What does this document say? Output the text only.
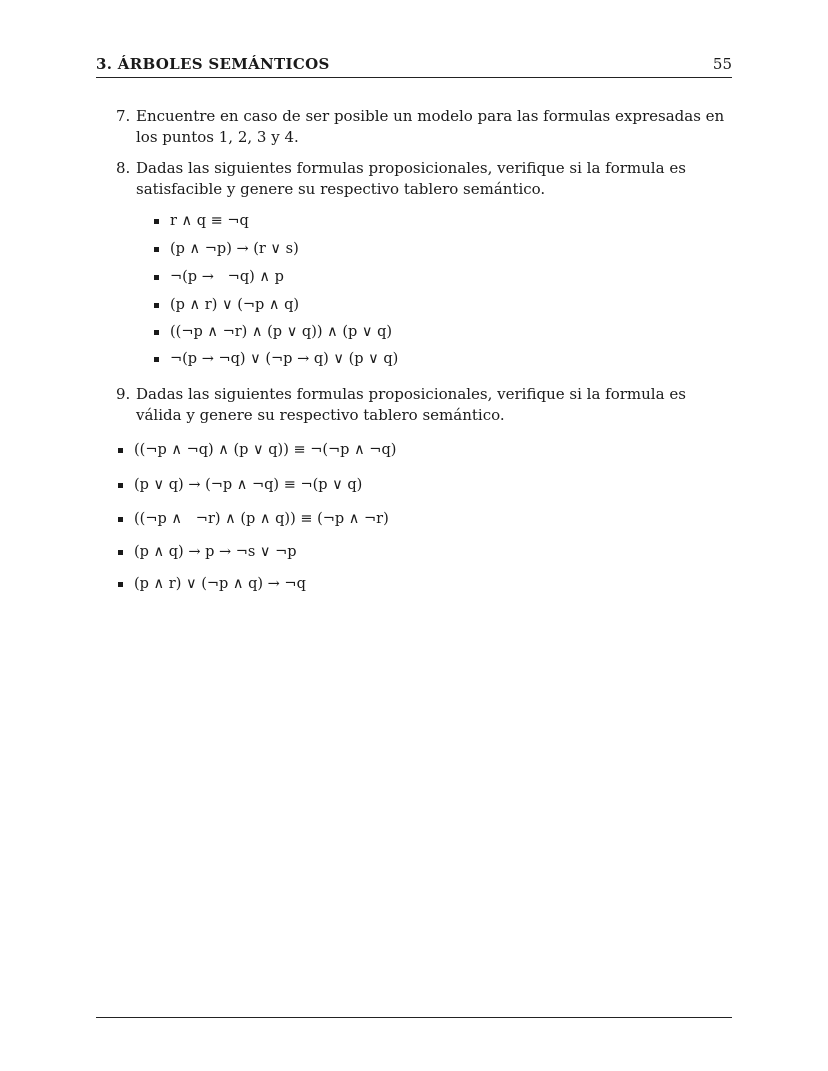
3. ÁRBOLES SEMÁNTICOS	55
7. Encuentre en caso de ser posible un modelo para las formulas expresadas en los puntos 1, 2, 3 y 4.
8. Dadas las siguientes formulas proposicionales, verifique si la formula es satisfacible y genere su respectivo tablero semántico.
r ∧ q ≡ ¬q
(p ∧ ¬p) → (r ∨ s)
¬(p →   ¬q) ∧ p
(p ∧ r) ∨ (¬p ∧ q)
((¬p ∧ ¬r) ∧ (p ∨ q)) ∧ (p ∨ q)
¬(p → ¬q) ∨ (¬p → q) ∨ (p ∨ q)
9. Dadas las siguientes formulas proposicionales, verifique si la formula es válida y genere su respectivo tablero semántico.
((¬p ∧ ¬q) ∧ (p ∨ q)) ≡ ¬(¬p ∧ ¬q)
(p ∨ q) → (¬p ∧ ¬q) ≡ ¬(p ∨ q)
((¬p ∧   ¬r) ∧ (p ∧ q)) ≡ (¬p ∧ ¬r)
(p ∧ q) → p → ¬s ∨ ¬p
(p ∧ r) ∨ (¬p ∧ q) → ¬q
